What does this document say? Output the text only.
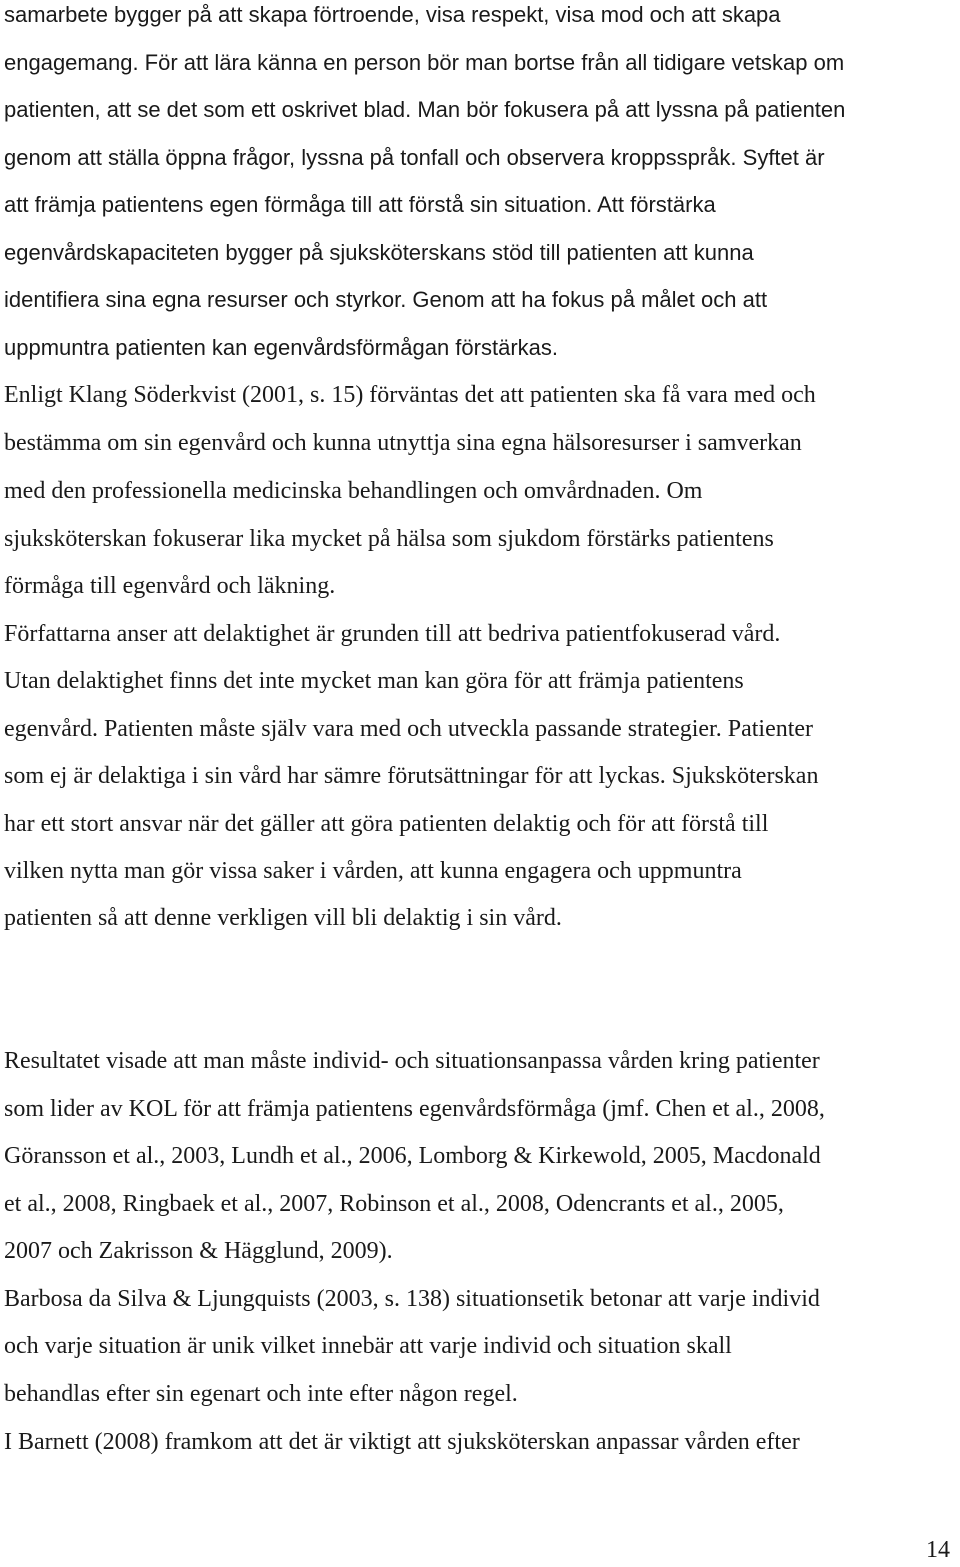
samarbete bygger på att skapa förtroende, visa respekt, visa mod och att skapa
engagemang. För att lära känna en person bör man bortse från all tidigare vetskap om
patienten, att se det som ett oskrivet blad. Man bör fokusera på att lyssna på patienten
genom att ställa öppna frågor, lyssna på tonfall och observera kroppsspråk. Syftet är
att främja patientens egen förmåga till att förstå sin situation. Att förstärka
egenvårdskapaciteten bygger på sjuksköterskans stöd till patienten att kunna
identifiera sina egna resurser och styrkor. Genom att ha fokus på målet och att
uppmuntra patienten kan egenvårdsförmågan förstärkas.
Enligt Klang Söderkvist (2001, s. 15) förväntas det att patienten ska få vara med och
bestämma om sin egenvård och kunna utnyttja sina egna hälsoresurser i samverkan
med den professionella medicinska behandlingen och omvårdnaden. Om
sjuksköterskan fokuserar lika mycket på hälsa som sjukdom förstärks patientens
förmåga till egenvård och läkning.
Författarna anser att delaktighet är grunden till att bedriva patientfokuserad vård.
Utan delaktighet finns det inte mycket man kan göra för att främja patientens
egenvård. Patienten måste själv vara med och utveckla passande strategier. Patienter
som ej är delaktiga i sin vård har sämre förutsättningar för att lyckas. Sjuksköterskan
har ett stort ansvar när det gäller att göra patienten delaktig och för att förstå till
vilken nytta man gör vissa saker i vården, att kunna engagera och uppmuntra
patienten så att denne verkligen vill bli delaktig i sin vård.
Resultatet visade att man måste individ- och situationsanpassa vården kring patienter
som lider av KOL för att främja patientens egenvårdsförmåga (jmf. Chen et al., 2008,
Göransson et al., 2003, Lundh et al., 2006, Lomborg & Kirkewold, 2005, Macdonald
et al., 2008, Ringbaek et al., 2007, Robinson et al., 2008, Odencrants et al., 2005,
2007 och Zakrisson & Hägglund, 2009).
Barbosa da Silva & Ljungquists (2003, s. 138) situationsetik betonar att varje individ
och varje situation är unik vilket innebär att varje individ och situation skall
behandlas efter sin egenart och inte efter någon regel.
I Barnett (2008) framkom att det är viktigt att sjuksköterskan anpassar vården efter
14
